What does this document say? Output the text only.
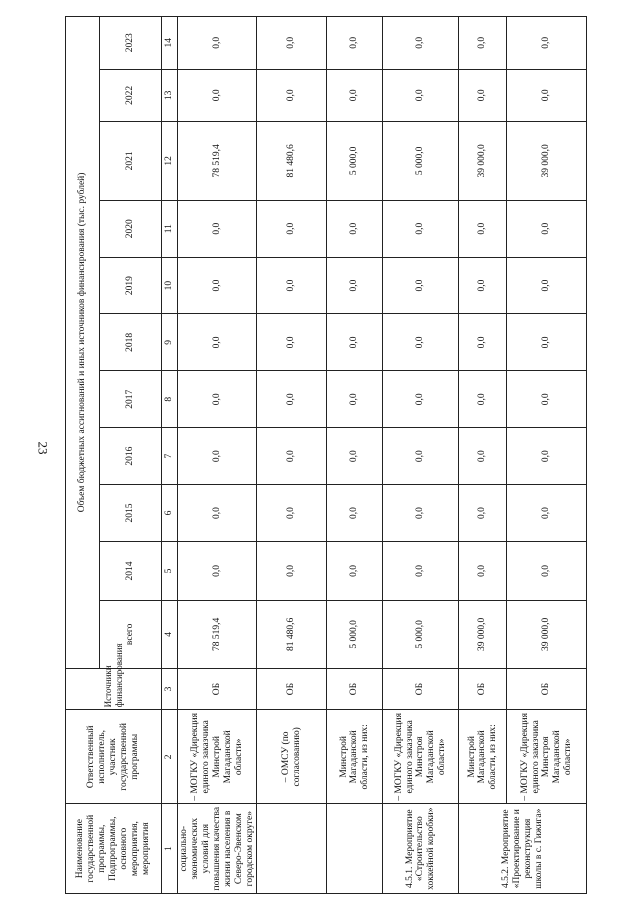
23
Наименование государственной программы, Подпрограммы, основного мероприятия, мероприятия	Ответственный исполнитель, участник государственной программы	Источники финансирования	Объем бюджетных ассигнований и иных источников финансирования (тыс. рублей)										
			всего	2014	2015	2016	2017	2018	2019	2020	2021	2022	2023
1	2	3	4	5	6	7	8	9	10	11	12	13	14
социально-экономических условий для повышения качества жизни населения в Северо-Эвенском городском округе»	– МОГКУ «Дирекция единого заказчика Минстрой Магаданской области»	ОБ	78 519,4	0,0	0,0	0,0	0,0	0,0	0,0	0,0	78 519,4	0,0	0,0
	– ОМСУ (по согласованию)	ОБ	81 480,6	0,0	0,0	0,0	0,0	0,0	0,0	0,0	81 480,6	0,0	0,0
	Минстрой Магаданской области, из них:	ОБ	5 000,0	0,0	0,0	0,0	0,0	0,0	0,0	0,0	5 000,0	0,0	0,0
4.5.1. Мероприятие «Строительство хоккейной коробки»	– МОГКУ «Дирекция единого заказчика Минстроя Магаданской области»	ОБ	5 000,0	0,0	0,0	0,0	0,0	0,0	0,0	0,0	5 000,0	0,0	0,0
4.5.2. Мероприятие «Проектирование и реконструкция школы в с. Гижига»	Минстрой Магаданской области, из них:	ОБ	39 000,0	0,0	0,0	0,0	0,0	0,0	0,0	0,0	39 000,0	0,0	0,0
	– МОГКУ «Дирекция единого заказчика Минстроя Магаданской области»	ОБ	39 000,0	0,0	0,0	0,0	0,0	0,0	0,0	0,0	39 000,0	0,0	0,0
